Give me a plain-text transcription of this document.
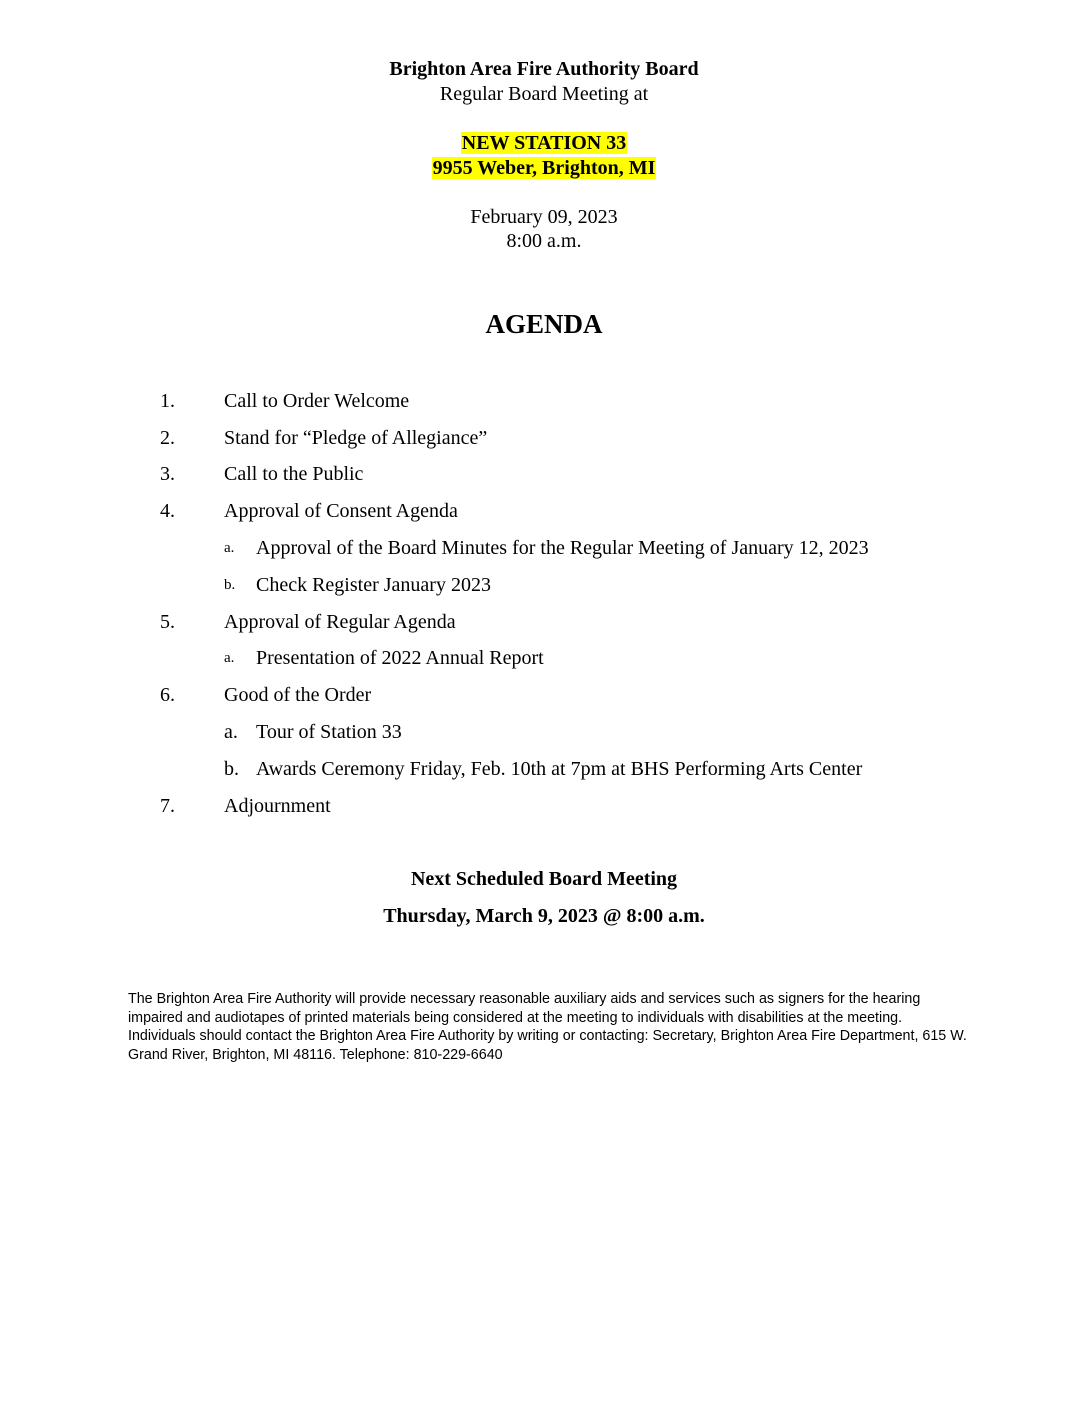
Brighton Area Fire Authority Board
Regular Board Meeting at
NEW STATION 33
9955 Weber, Brighton, MI
February 09, 2023
8:00 a.m.
AGENDA
1. Call to Order Welcome
2. Stand for “Pledge of Allegiance”
3. Call to the Public
4. Approval of Consent Agenda
a. Approval of the Board Minutes for the Regular Meeting of January 12, 2023
b. Check Register January 2023
5. Approval of Regular Agenda
a. Presentation of 2022 Annual Report
6. Good of the Order
a. Tour of Station 33
b. Awards Ceremony Friday, Feb. 10th at 7pm at BHS Performing Arts Center
7. Adjournment
Next Scheduled Board Meeting
Thursday, March 9, 2023 @ 8:00 a.m.

The Brighton Area Fire Authority will provide necessary reasonable auxiliary aids and services such as signers for the hearing impaired and audiotapes of printed materials being considered at the meeting to individuals with disabilities at the meeting. Individuals should contact the Brighton Area Fire Authority by writing or contacting: Secretary, Brighton Area Fire Department, 615 W. Grand River, Brighton, MI 48116. Telephone: 810-229-6640
